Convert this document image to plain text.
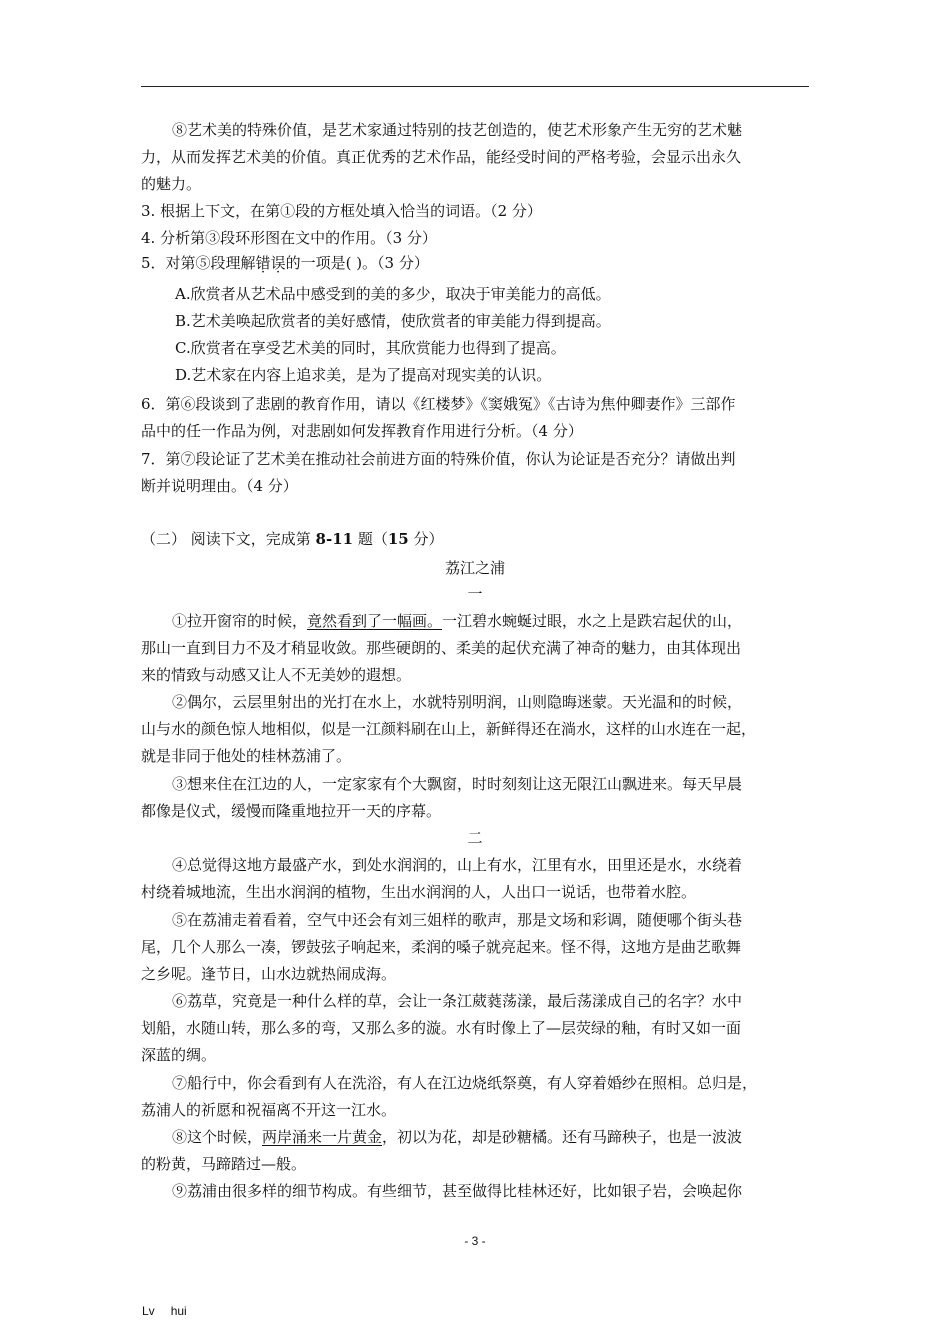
⑧艺术美的特殊价值，是艺术家通过特别的技艺创造的，使艺术形象产生无穷的艺术魅
力，从而发挥艺术美的价值。真正优秀的艺术作品，能经受时间的严格考验，会显示出永久
的魅力。
3. 根据上下文，在第①段的方框处填入恰当的词语。（2 分）
4. 分析第③段环形图在文中的作用。（3 分）
5．对第⑤段理解错误的一项是( )。（3 分）
A.欣赏者从艺术品中感受到的美的多少，取决于审美能力的高低。
B.艺术美唤起欣赏者的美好感情，使欣赏者的审美能力得到提高。
C.欣赏者在享受艺术美的同时，其欣赏能力也得到了提高。
D.艺术家在内容上追求美，是为了提高对现实美的认识。
6．第⑥段谈到了悲剧的教育作用，请以《红楼梦》《窦娥冤》《古诗为焦仲卿妻作》三部作
品中的任一作品为例，对悲剧如何发挥教育作用进行分析。（4 分）
7．第⑦段论证了艺术美在推动社会前进方面的特殊价值，你认为论证是否充分？请做出判
断并说明理由。（4 分）
（二） 阅读下文，完成第 8-11 题（15 分）
荔江之浦
一
①拉开窗帘的时候，竟然看到了一幅画。一江碧水蜿蜒过眼，水之上是跌宕起伏的山，
那山一直到目力不及才稍显收敛。那些硬朗的、柔美的起伏充满了神奇的魅力，由其体现出
来的情致与动感又让人不无美妙的遐想。
②偶尔，云层里射出的光打在水上，水就特别明润，山则隐晦迷蒙。天光温和的时候，
山与水的颜色惊人地相似，似是一江颜料刷在山上，新鲜得还在淌水，这样的山水连在一起，
就是非同于他处的桂林荔浦了。
③想来住在江边的人，一定家家有个大飘窗，时时刻刻让这无限江山飘进来。每天早晨
都像是仪式，缓慢而隆重地拉开一天的序幕。
二
④总觉得这地方最盛产水，到处水润润的，山上有水，江里有水，田里还是水，水绕着
村绕着城地流，生出水润润的植物，生出水润润的人，人出口一说话，也带着水腔。
⑤在荔浦走着看着，空气中还会有刘三姐样的歌声，那是文场和彩调，随便哪个街头巷
尾，几个人那么一凑，锣鼓弦子响起来，柔润的嗓子就亮起来。怪不得，这地方是曲艺歌舞
之乡呢。逢节日，山水边就热闹成海。
⑥荔草，究竟是一种什么样的草，会让一条江葳蕤荡漾，最后荡漾成自己的名字？水中
划船，水随山转，那么多的弯，又那么多的漩。水有时像上了—层荧绿的釉，有时又如一面
深蓝的绸。
⑦船行中，你会看到有人在洗浴，有人在江边烧纸祭奠，有人穿着婚纱在照相。总归是，
荔浦人的祈愿和祝福离不开这一江水。
⑧这个时候，两岸涌来一片黄金，初以为花，却是砂糖橘。还有马蹄秧子，也是一波波
的粉黄，马蹄踏过—般。
⑨荔浦由很多样的细节构成。有些细节，甚至做得比桂林还好，比如银子岩，会唤起你
- 3 -
Lv hui
